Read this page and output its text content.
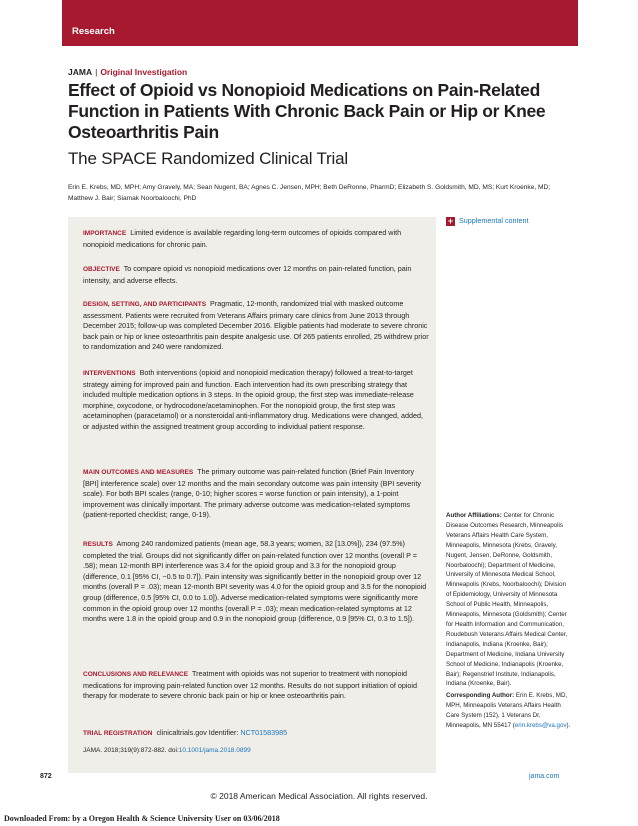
Research
JAMA | Original Investigation
Effect of Opioid vs Nonopioid Medications on Pain-Related Function in Patients With Chronic Back Pain or Hip or Knee Osteoarthritis Pain
The SPACE Randomized Clinical Trial
Erin E. Krebs, MD, MPH; Amy Gravely, MA; Sean Nugent, BA; Agnes C. Jensen, MPH; Beth DeRonne, PharmD; Elizabeth S. Goldsmith, MD, MS; Kurt Kroenke, MD; Matthew J. Bair; Siamak Noorbaloochi, PhD
+ Supplemental content

IMPORTANCE Limited evidence is available regarding long-term outcomes of opioids compared with nonopioid medications for chronic pain.

OBJECTIVE To compare opioid vs nonopioid medications over 12 months on pain-related function, pain intensity, and adverse effects.

DESIGN, SETTING, AND PARTICIPANTS Pragmatic, 12-month, randomized trial with masked outcome assessment. Patients were recruited from Veterans Affairs primary care clinics from June 2013 through December 2015; follow-up was completed December 2016. Eligible patients had moderate to severe chronic back pain or hip or knee osteoarthritis pain despite analgesic use. Of 265 patients enrolled, 25 withdrew prior to randomization and 240 were randomized.

INTERVENTIONS Both interventions (opioid and nonopioid medication therapy) followed a treat-to-target strategy aiming for improved pain and function. Each intervention had its own prescribing strategy that included multiple medication options in 3 steps. In the opioid group, the first step was immediate-release morphine, oxycodone, or hydrocodone/acetaminophen. For the nonopioid group, the first step was acetaminophen (paracetamol) or a nonsteroidal anti-inflammatory drug. Medications were changed, added, or adjusted within the assigned treatment group according to individual patient response.

MAIN OUTCOMES AND MEASURES The primary outcome was pain-related function (Brief Pain Inventory [BPI] interference scale) over 12 months and the main secondary outcome was pain intensity (BPI severity scale). For both BPI scales (range, 0-10; higher scores = worse function or pain intensity), a 1-point improvement was clinically important. The primary adverse outcome was medication-related symptoms (patient-reported checklist; range, 0-19).

RESULTS Among 240 randomized patients (mean age, 58.3 years; women, 32 [13.0%]), 234 (97.5%) completed the trial. Groups did not significantly differ on pain-related function over 12 months (overall P = .58); mean 12-month BPI interference was 3.4 for the opioid group and 3.3 for the nonopioid group (difference, 0.1 [95% CI, −0.5 to 0.7]). Pain intensity was significantly better in the nonopioid group over 12 months (overall P = .03); mean 12-month BPI severity was 4.0 for the opioid group and 3.5 for the nonopioid group (difference, 0.5 [95% CI, 0.0 to 1.0]). Adverse medication-related symptoms were significantly more common in the opioid group over 12 months (overall P = .03); mean medication-related symptoms at 12 months were 1.8 in the opioid group and 0.9 in the nonopioid group (difference, 0.9 [95% CI, 0.3 to 1.5]).

CONCLUSIONS AND RELEVANCE Treatment with opioids was not superior to treatment with nonopioid medications for improving pain-related function over 12 months. Results do not support initiation of opioid therapy for moderate to severe chronic back pain or hip or knee osteoarthritis pain.

TRIAL REGISTRATION clinicaltrials.gov Identifier: NCT01583985

JAMA. 2018;319(9):872-882. doi:10.1001/jama.2018.0899

Author Affiliations: Center for Chronic Disease Outcomes Research, Minneapolis Veterans Affairs Health Care System, Minneapolis, Minnesota (Krebs, Gravely, Nugent, Jensen, DeRonne, Goldsmith, Noorbaloochi); Department of Medicine, University of Minnesota Medical School, Minneapolis (Krebs, Noorbaloochi); Division of Epidemiology, University of Minnesota School of Public Health, Minneapolis, Minneapolis, Minnesota (Goldsmith); Center for Health Information and Communication, Roudebush Veterans Affairs Medical Center, Indianapolis, Indiana (Kroenke, Bair); Department of Medicine, Indiana University School of Medicine, Indianapolis (Kroenke, Bair); Regenstrief Institute, Indianapolis, Indiana (Kroenke, Bair).

Corresponding Author: Erin E. Krebs, MD, MPH, Minneapolis Veterans Affairs Health Care System (152), 1 Veterans Dr, Minneapolis, MN 55417 (erin.krebs@va.gov).

872	jama.com
© 2018 American Medical Association. All rights reserved.
Downloaded From: by a Oregon Health & Science University User on 03/06/2018
